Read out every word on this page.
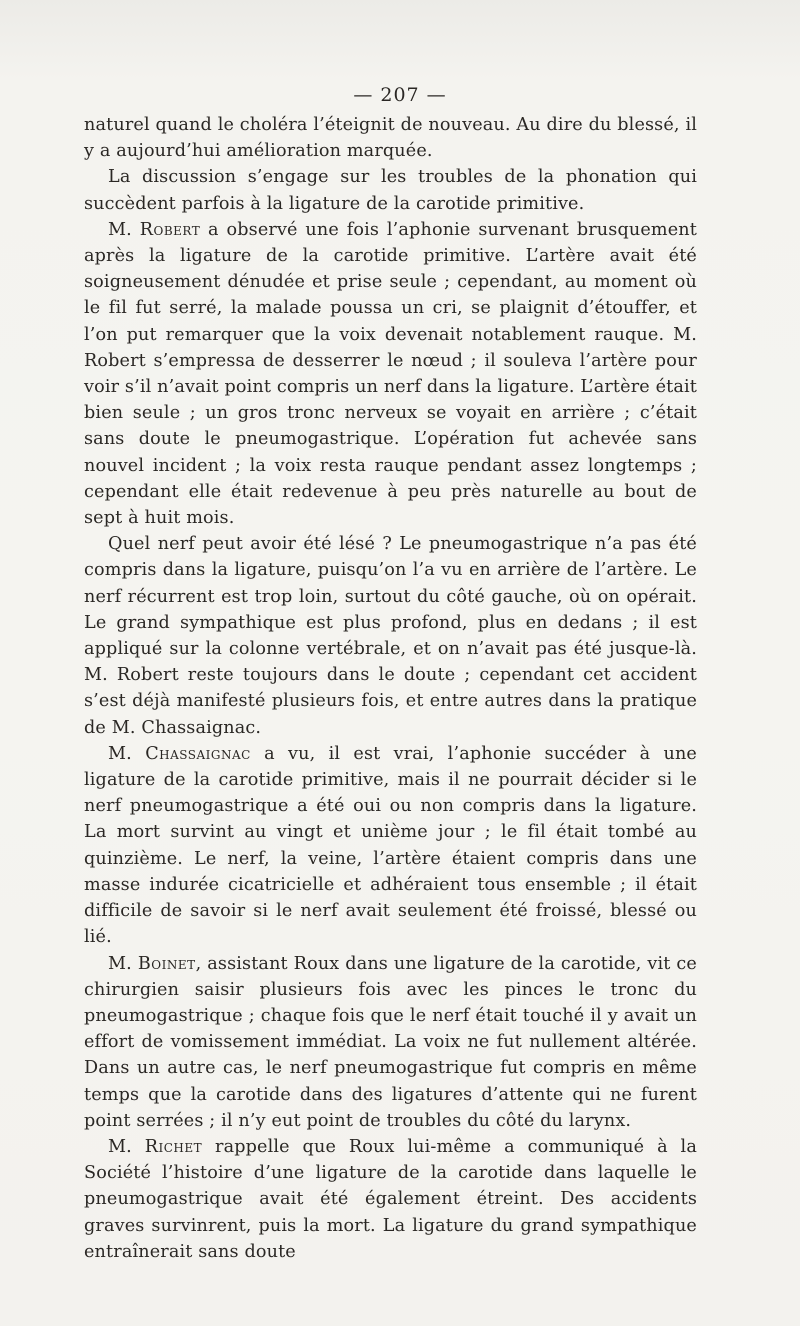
— 207 —

naturel quand le choléra l’éteignit de nouveau. Au dire du blessé, il y a aujourd’hui amélioration marquée.

La discussion s’engage sur les troubles de la phonation qui succèdent parfois à la ligature de la carotide primitive.

M. Robert a observé une fois l’aphonie survenant brusquement après la ligature de la carotide primitive. L’artère avait été soigneusement dénudée et prise seule ; cependant, au moment où le fil fut serré, la malade poussa un cri, se plaignit d’étouffer, et l’on put remarquer que la voix devenait notablement rauque. M. Robert s’empressa de desserrer le nœud ; il souleva l’artère pour voir s’il n’avait point compris un nerf dans la ligature. L’artère était bien seule ; un gros tronc nerveux se voyait en arrière ; c’était sans doute le pneumogastrique. L’opération fut achevée sans nouvel incident ; la voix resta rauque pendant assez longtemps ; cependant elle était redevenue à peu près naturelle au bout de sept à huit mois.

Quel nerf peut avoir été lésé ? Le pneumogastrique n’a pas été compris dans la ligature, puisqu’on l’a vu en arrière de l’artère. Le nerf récurrent est trop loin, surtout du côté gauche, où on opérait. Le grand sympathique est plus profond, plus en dedans ; il est appliqué sur la colonne vertébrale, et on n’avait pas été jusque-là. M. Robert reste toujours dans le doute ; cependant cet accident s’est déjà manifesté plusieurs fois, et entre autres dans la pratique de M. Chassaignac.

M. Chassaignac a vu, il est vrai, l’aphonie succéder à une ligature de la carotide primitive, mais il ne pourrait décider si le nerf pneumogastrique a été oui ou non compris dans la ligature. La mort survint au vingt et unième jour ; le fil était tombé au quinzième. Le nerf, la veine, l’artère étaient compris dans une masse indurée cicatricielle et adhéraient tous ensemble ; il était difficile de savoir si le nerf avait seulement été froissé, blessé ou lié.

M. Boinet, assistant Roux dans une ligature de la carotide, vit ce chirurgien saisir plusieurs fois avec les pinces le tronc du pneumogastrique ; chaque fois que le nerf était touché il y avait un effort de vomissement immédiat. La voix ne fut nullement altérée. Dans un autre cas, le nerf pneumogastrique fut compris en même temps que la carotide dans des ligatures d’attente qui ne furent point serrées ; il n’y eut point de troubles du côté du larynx.

M. Richet rappelle que Roux lui-même a communiqué à la Société l’histoire d’une ligature de la carotide dans laquelle le pneumogastrique avait été également étreint. Des accidents graves survinrent, puis la mort. La ligature du grand sympathique entraînerait sans doute
